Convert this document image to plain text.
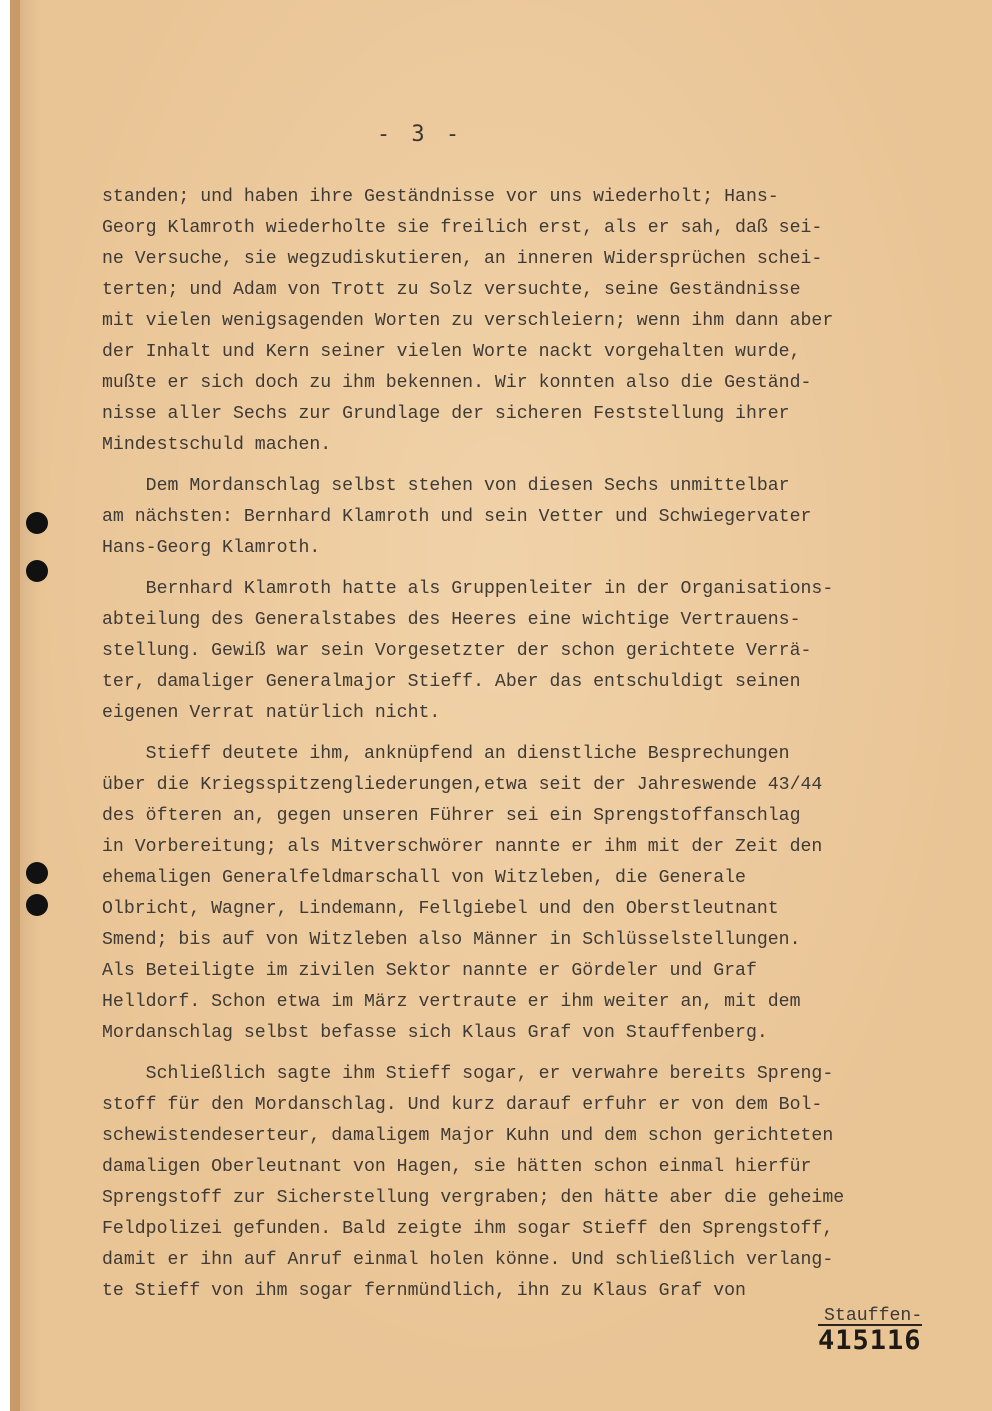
- 3 -
standen; und haben ihre Geständnisse vor uns wiederholt; Hans-
Georg Klamroth wiederholte sie freilich erst, als er sah, daß sei-
ne Versuche, sie wegzudiskutieren, an inneren Widersprüchen schei-
terten; und Adam von Trott zu Solz versuchte, seine Geständnisse
mit vielen wenigsagenden Worten zu verschleiern; wenn ihm dann aber
der Inhalt und Kern seiner vielen Worte nackt vorgehalten wurde,
mußte er sich doch zu ihm bekennen. Wir konnten also die Geständ-
nisse aller Sechs zur Grundlage der sicheren Feststellung ihrer
Mindestschuld machen.
Dem Mordanschlag selbst stehen von diesen Sechs unmittelbar
am nächsten: Bernhard Klamroth und sein Vetter und Schwiegervater
Hans-Georg Klamroth.
Bernhard Klamroth hatte als Gruppenleiter in der Organisations-
abteilung des Generalstabes des Heeres eine wichtige Vertrauens-
stellung. Gewiß war sein Vorgesetzter der schon gerichtete Verrä-
ter, damaliger Generalmajor Stieff. Aber das entschuldigt seinen
eigenen Verrat natürlich nicht.
Stieff deutete ihm, anknüpfend an dienstliche Besprechungen
über die Kriegsspitzengliederungen,etwa seit der Jahreswende 43/44
des öfteren an, gegen unseren Führer sei ein Sprengstoffanschlag
in Vorbereitung; als Mitverschwörer nannte er ihm mit der Zeit den
ehemaligen Generalfeldmarschall von Witzleben, die Generale
Olbricht, Wagner, Lindemann, Fellgiebel und den Oberstleutnant
Smend; bis auf von Witzleben also Männer in Schlüsselstellungen.
Als Beteiligte im zivilen Sektor nannte er Gördeler und Graf
Helldorf. Schon etwa im März vertraute er ihm weiter an, mit dem
Mordanschlag selbst befasse sich Klaus Graf von Stauffenberg.
Schließlich sagte ihm Stieff sogar, er verwahre bereits Spreng-
stoff für den Mordanschlag. Und kurz darauf erfuhr er von dem Bol-
schewistendeserteur, damaligem Major Kuhn und dem schon gerichteten
damaligen Oberleutnant von Hagen, sie hätten schon einmal hierfür
Sprengstoff zur Sicherstellung vergraben; den hätte aber die geheime
Feldpolizei gefunden. Bald zeigte ihm sogar Stieff den Sprengstoff,
damit er ihn auf Anruf einmal holen könne. Und schließlich verlang-
te Stieff von ihm sogar fernmündlich, ihn zu Klaus Graf von
Stauffen-
415116
